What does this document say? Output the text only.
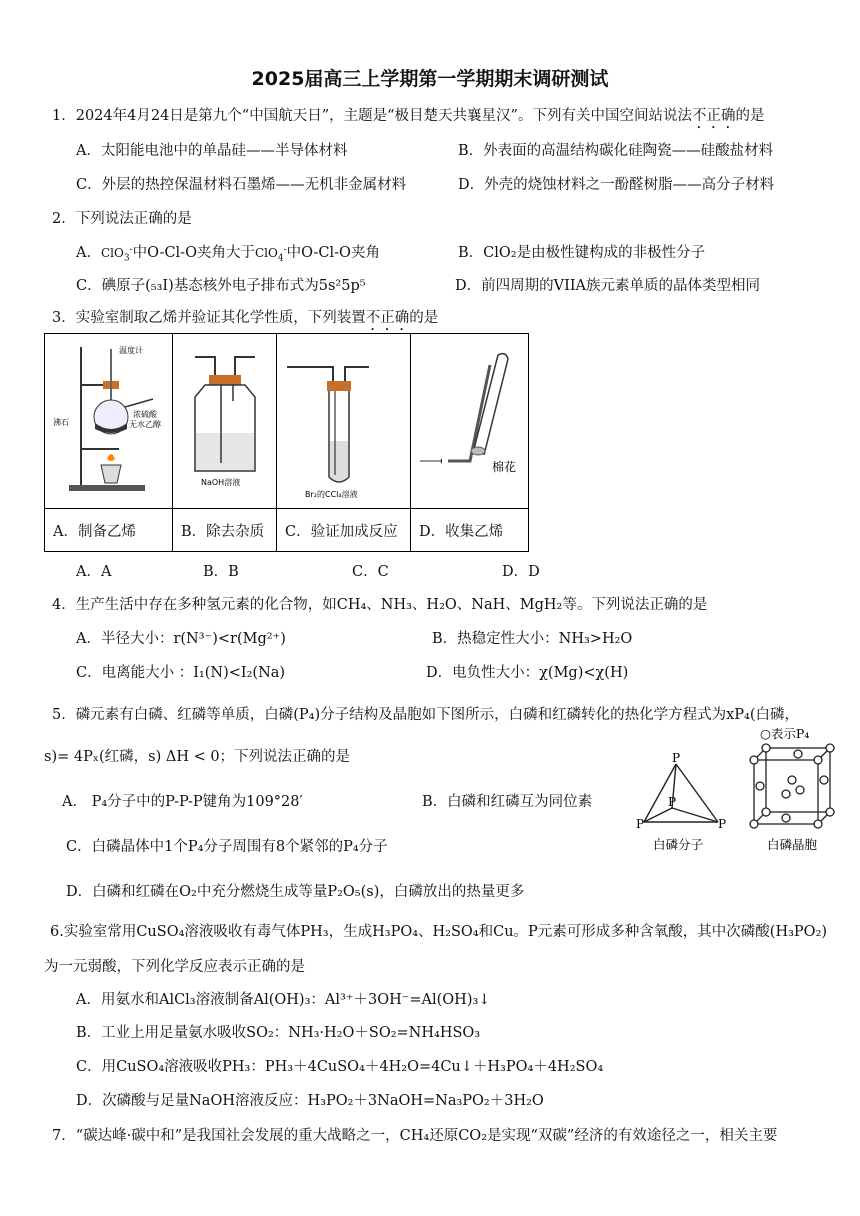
2025届高三上学期第一学期期末调研测试
1．2024年4月24日是第九个“中国航天日”，主题是“极目楚天共襄星汉”。下列有关中国空间站说法不正确的是
A．太阳能电池中的单晶硅——半导体材料	B．外表面的高温结构碳化硅陶瓷——硅酸盐材料
C．外层的热控保温材料石墨烯——无机非金属材料	D．外壳的烧蚀材料之一酚醛树脂——高分子材料
2．下列说法正确的是
A．ClO$_3$-中O-Cl-O夹角大于ClO$_4$-中O-Cl-O夹角	B．ClO₂是由极性键构成的非极性分子
C．碘原子(₅₃I)基态核外电子排布式为5s²5p⁵	D．前四周期的VIIA族元素单质的晶体类型相同
3．实验室制取乙烯并验证其化学性质，下列装置不正确的是
温度计
沸石
浓硫酸
无水乙醇	NaOH溶液	Br₂的CCl₄溶液	棉花

A．制备乙烯	B．除去杂质	C．验证加成反应	D．收集乙烯
A．A	B．B	C．C	D．D
4．生产生活中存在多种氢元素的化合物，如CH₄、NH₃、H₂O、NaH、MgH₂等。下列说法正确的是
A．半径大小：r(N³⁻)<r(Mg²⁺)	B．热稳定性大小：NH₃>H₂O
C．电离能大小 ：I₁(N)<I₂(Na)	D．电负性大小：χ(Mg)<χ(H)
5．磷元素有白磷、红磷等单质，白磷(P₄)分子结构及晶胞如下图所示，白磷和红磷转化的热化学方程式为xP₄(白磷，
s)= 4Pₓ(红磷，s) ΔH < 0；下列说法正确的是
A． P₄分子中的P-P-P键角为109°28′	B．白磷和红磷互为同位素
C．白磷晶体中1个P₄分子周围有8个紧邻的P₄分子
D．白磷和红磷在O₂中充分燃烧生成等量P₂O₅(s)，白磷放出的热量更多
P
P
P	P
白磷分子	白磷晶胞
○表示P₄
6.实验室常用CuSO₄溶液吸收有毒气体PH₃，生成H₃PO₄、H₂SO₄和Cu。P元素可形成多种含氧酸，其中次磷酸(H₃PO₂)
为一元弱酸，下列化学反应表示正确的是
A．用氨水和AlCl₃溶液制备Al(OH)₃：Al³⁺＋3OH⁻=Al(OH)₃↓
B．工业上用足量氨水吸收SO₂：NH₃·H₂O＋SO₂=NH₄HSO₃
C．用CuSO₄溶液吸收PH₃：PH₃＋4CuSO₄＋4H₂O=4Cu↓＋H₃PO₄＋4H₂SO₄
D．次磷酸与足量NaOH溶液反应：H₃PO₂＋3NaOH=Na₃PO₂＋3H₂O
7．“碳达峰·碳中和”是我国社会发展的重大战略之一，CH₄还原CO₂是实现“双碳”经济的有效途径之一，相关主要
